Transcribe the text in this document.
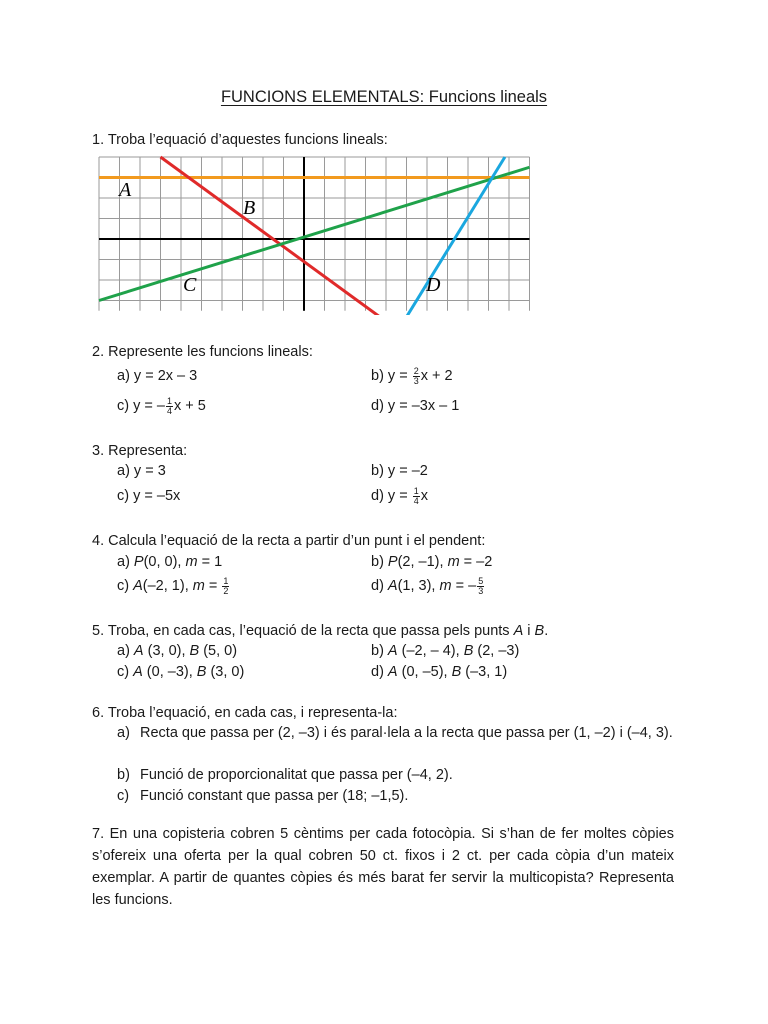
FUNCIONS ELEMENTALS: Funcions lineals
1. Troba l’equació d’aquestes funcions lineals:
A
B
C	D
2. Represente les funcions lineals:
a) y = 2x – 3	b) $y = \frac{2}{3}$ x + 2
c) y = – $\frac{1}{4}$ x + 5	d) y = –3x – 1
3. Representa:
a) y = 3	b) y = –2
c) y = –5x	d) $y = \frac{1}{4}$ x
4. Calcula l’equació de la recta a partir d’un punt i el pendent:
a) P(0, 0), m = 1	b) P(2, –1), m = –2
c) A(–2, 1), $m = \frac{1}{2}$	d) A(1, 3), m = – $\frac{5}{3}$
5. Troba, en cada cas, l’equació de la recta que passa pels punts A i B.
a) A (3, 0), B (5, 0)	b) A (–2, – 4), B (2, –3)
c) A (0, –3), B (3, 0)	d) A (0, –5), B (–3, 1)
6. Troba l’equació, en cada cas, i representa-la:
a) Recta que passa per (2, –3) i és paral·lela a la recta que passa per (1, –2) i (–4, 3).
b) Funció de proporcionalitat que passa per (–4, 2).
c) Funció constant que passa per (18; –1,5).
7. En una copisteria cobren 5 cèntims per cada fotocòpia. Si s’han de fer moltes còpies s’ofereix una oferta per la qual cobren 50 ct. fixos i 2 ct. per cada còpia d’un mateix exemplar. A partir de quantes còpies és més barat fer servir la multicopista? Representa les funcions.
